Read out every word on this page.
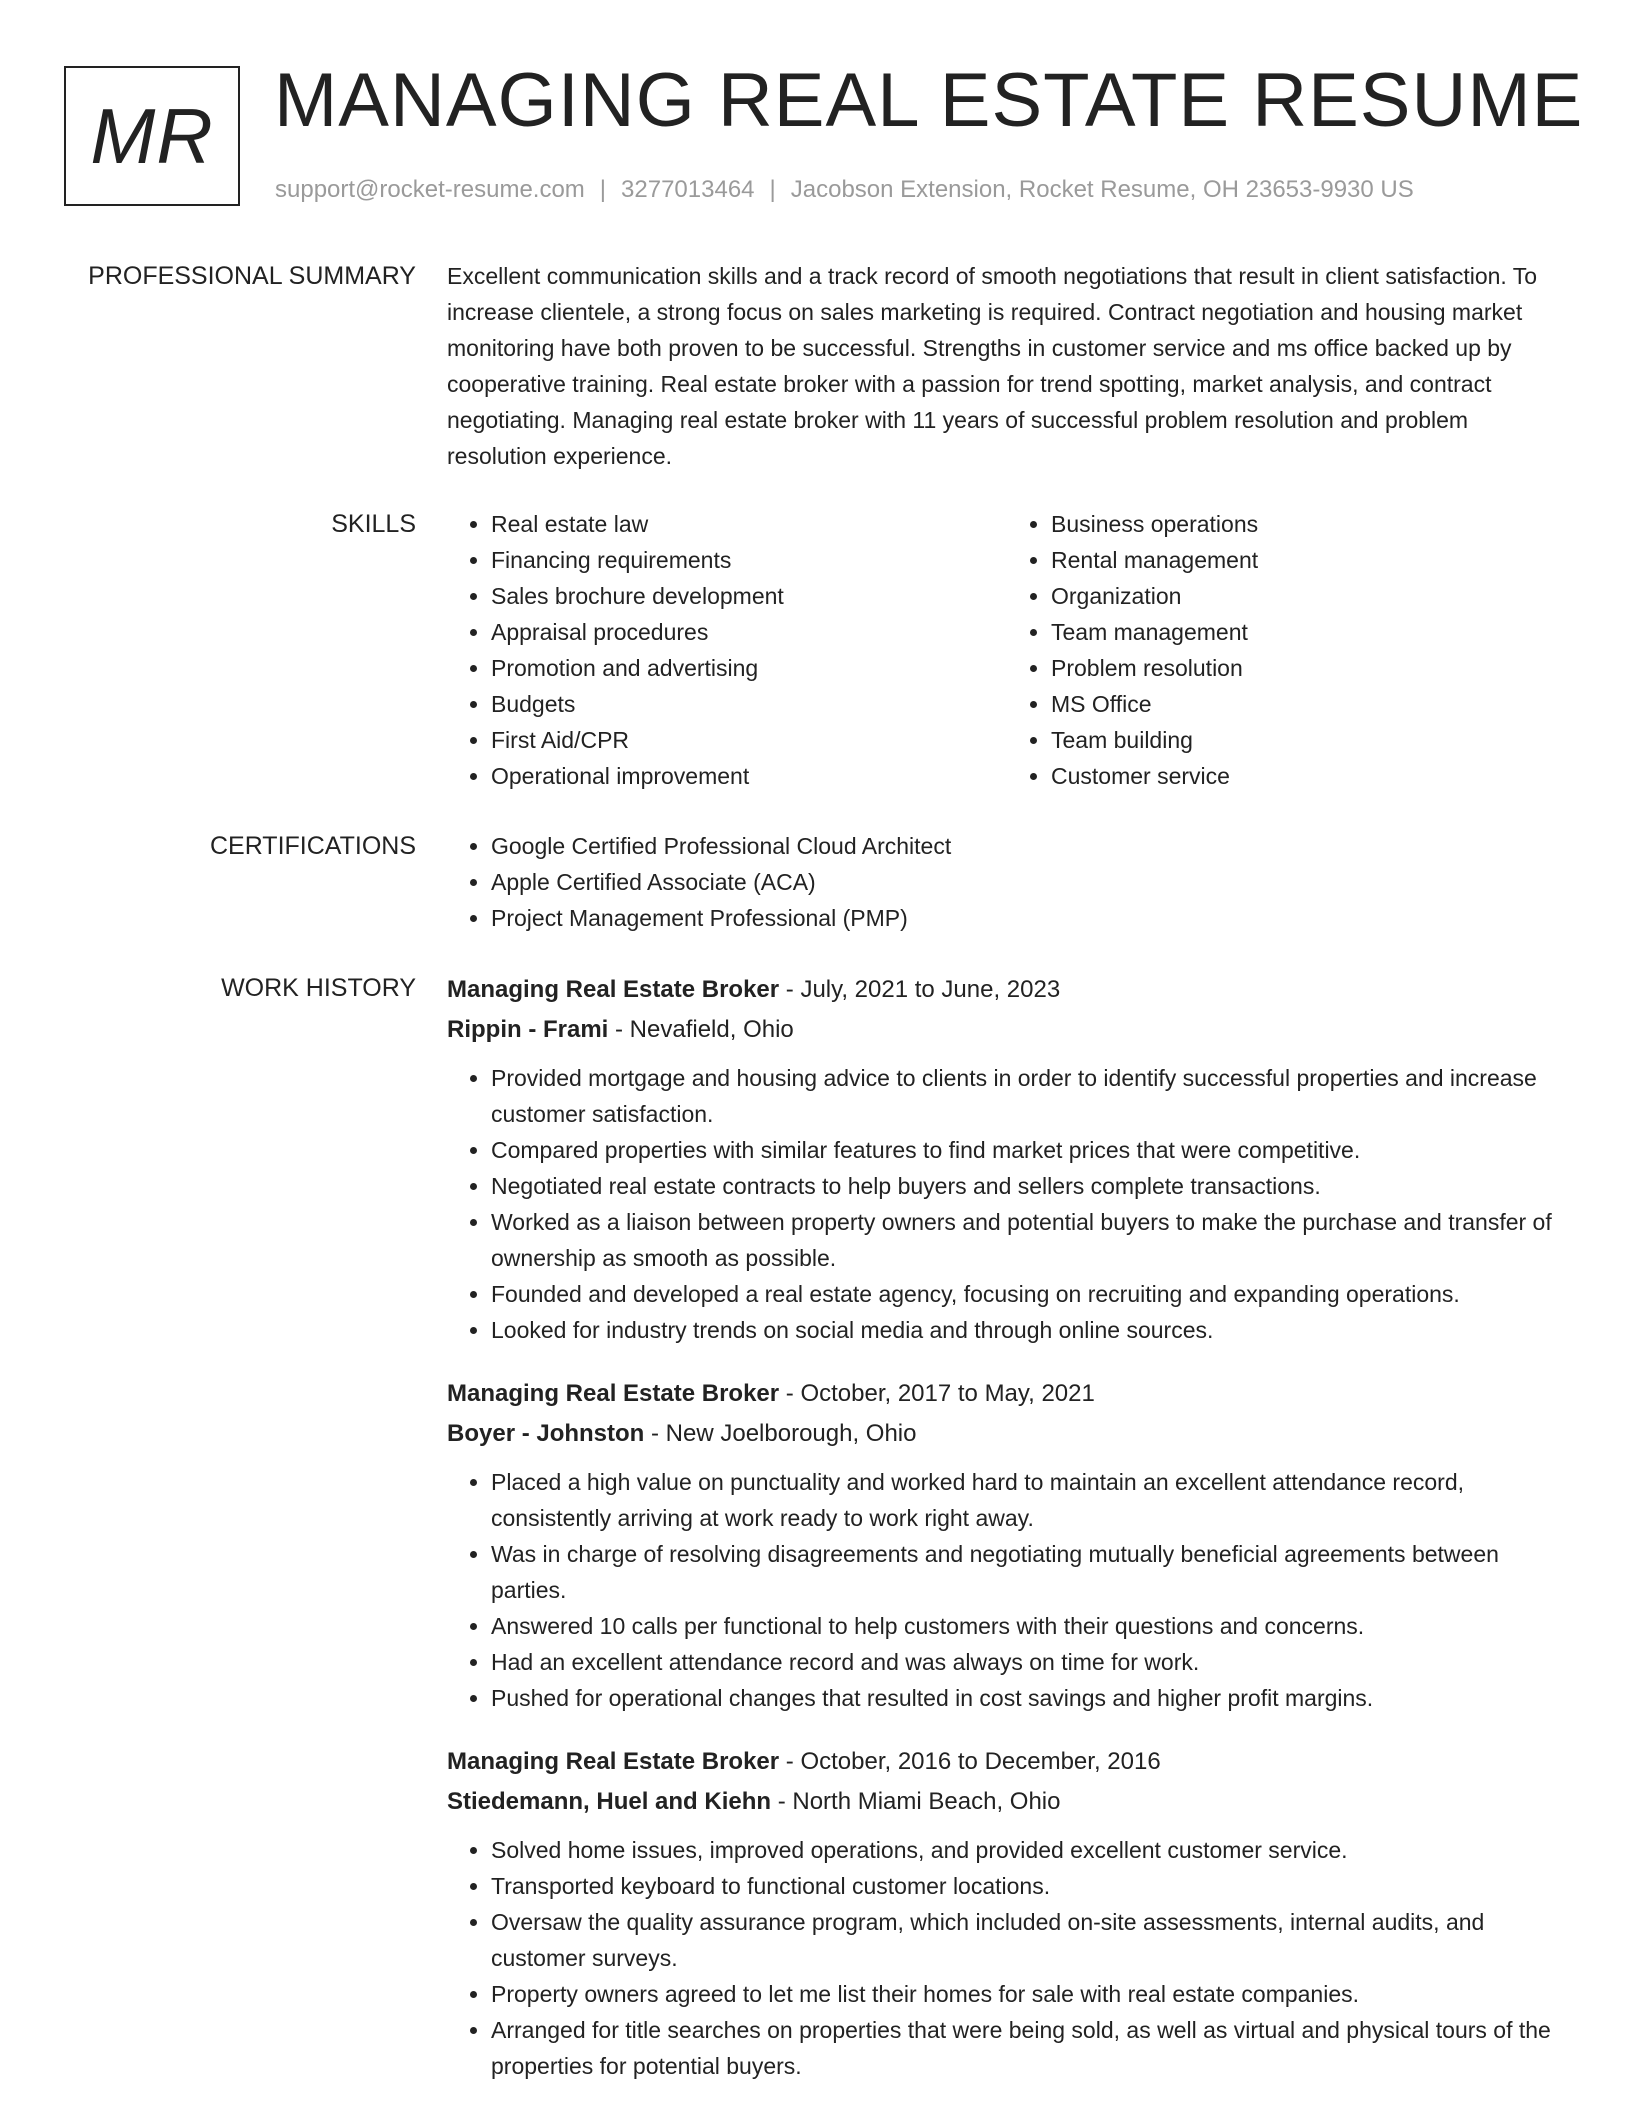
MR MANAGING REAL ESTATE RESUME
support@rocket-resume.com | 3277013464 | Jacobson Extension, Rocket Resume, OH 23653-9930 US
PROFESSIONAL SUMMARY Excellent communication skills and a track record of smooth negotiations that result in client satisfaction. To increase clientele, a strong focus on sales marketing is required. Contract negotiation and housing market monitoring have both proven to be successful. Strengths in customer service and ms office backed up by cooperative training. Real estate broker with a passion for trend spotting, market analysis, and contract negotiating. Managing real estate broker with 11 years of successful problem resolution and problem resolution experience.

SKILLS	• Real estate law
• Financing requirements
• Sales brochure development
• Appraisal procedures
• Promotion and advertising
• Budgets
• First Aid/CPR
• Operational improvement
• Business operations
• Rental management
• Organization
• Team management
• Problem resolution
• MS Office
• Team building
• Customer service
CERTIFICATIONS	• Google Certified Professional Cloud Architect
• Apple Certified Associate (ACA)
• Project Management Professional (PMP)
WORK HISTORY Managing Real Estate Broker - July, 2021 to June, 2023
Rippin - Frami - Nevafield, Ohio
• Provided mortgage and housing advice to clients in order to identify successful properties and increase customer satisfaction.
• Compared properties with similar features to find market prices that were competitive.
• Negotiated real estate contracts to help buyers and sellers complete transactions.
• Worked as a liaison between property owners and potential buyers to make the purchase and transfer of ownership as smooth as possible.
• Founded and developed a real estate agency, focusing on recruiting and expanding operations.
• Looked for industry trends on social media and through online sources.
Managing Real Estate Broker - October, 2017 to May, 2021
Boyer - Johnston - New Joelborough, Ohio
• Placed a high value on punctuality and worked hard to maintain an excellent attendance record, consistently arriving at work ready to work right away.
• Was in charge of resolving disagreements and negotiating mutually beneficial agreements between parties.
• Answered 10 calls per functional to help customers with their questions and concerns.
• Had an excellent attendance record and was always on time for work.
• Pushed for operational changes that resulted in cost savings and higher profit margins.
Managing Real Estate Broker - October, 2016 to December, 2016
Stiedemann, Huel and Kiehn - North Miami Beach, Ohio
• Solved home issues, improved operations, and provided excellent customer service.
• Transported keyboard to functional customer locations.
• Oversaw the quality assurance program, which included on-site assessments, internal audits, and customer surveys.
• Property owners agreed to let me list their homes for sale with real estate companies.
• Arranged for title searches on properties that were being sold, as well as virtual and physical tours of the properties for potential buyers.
